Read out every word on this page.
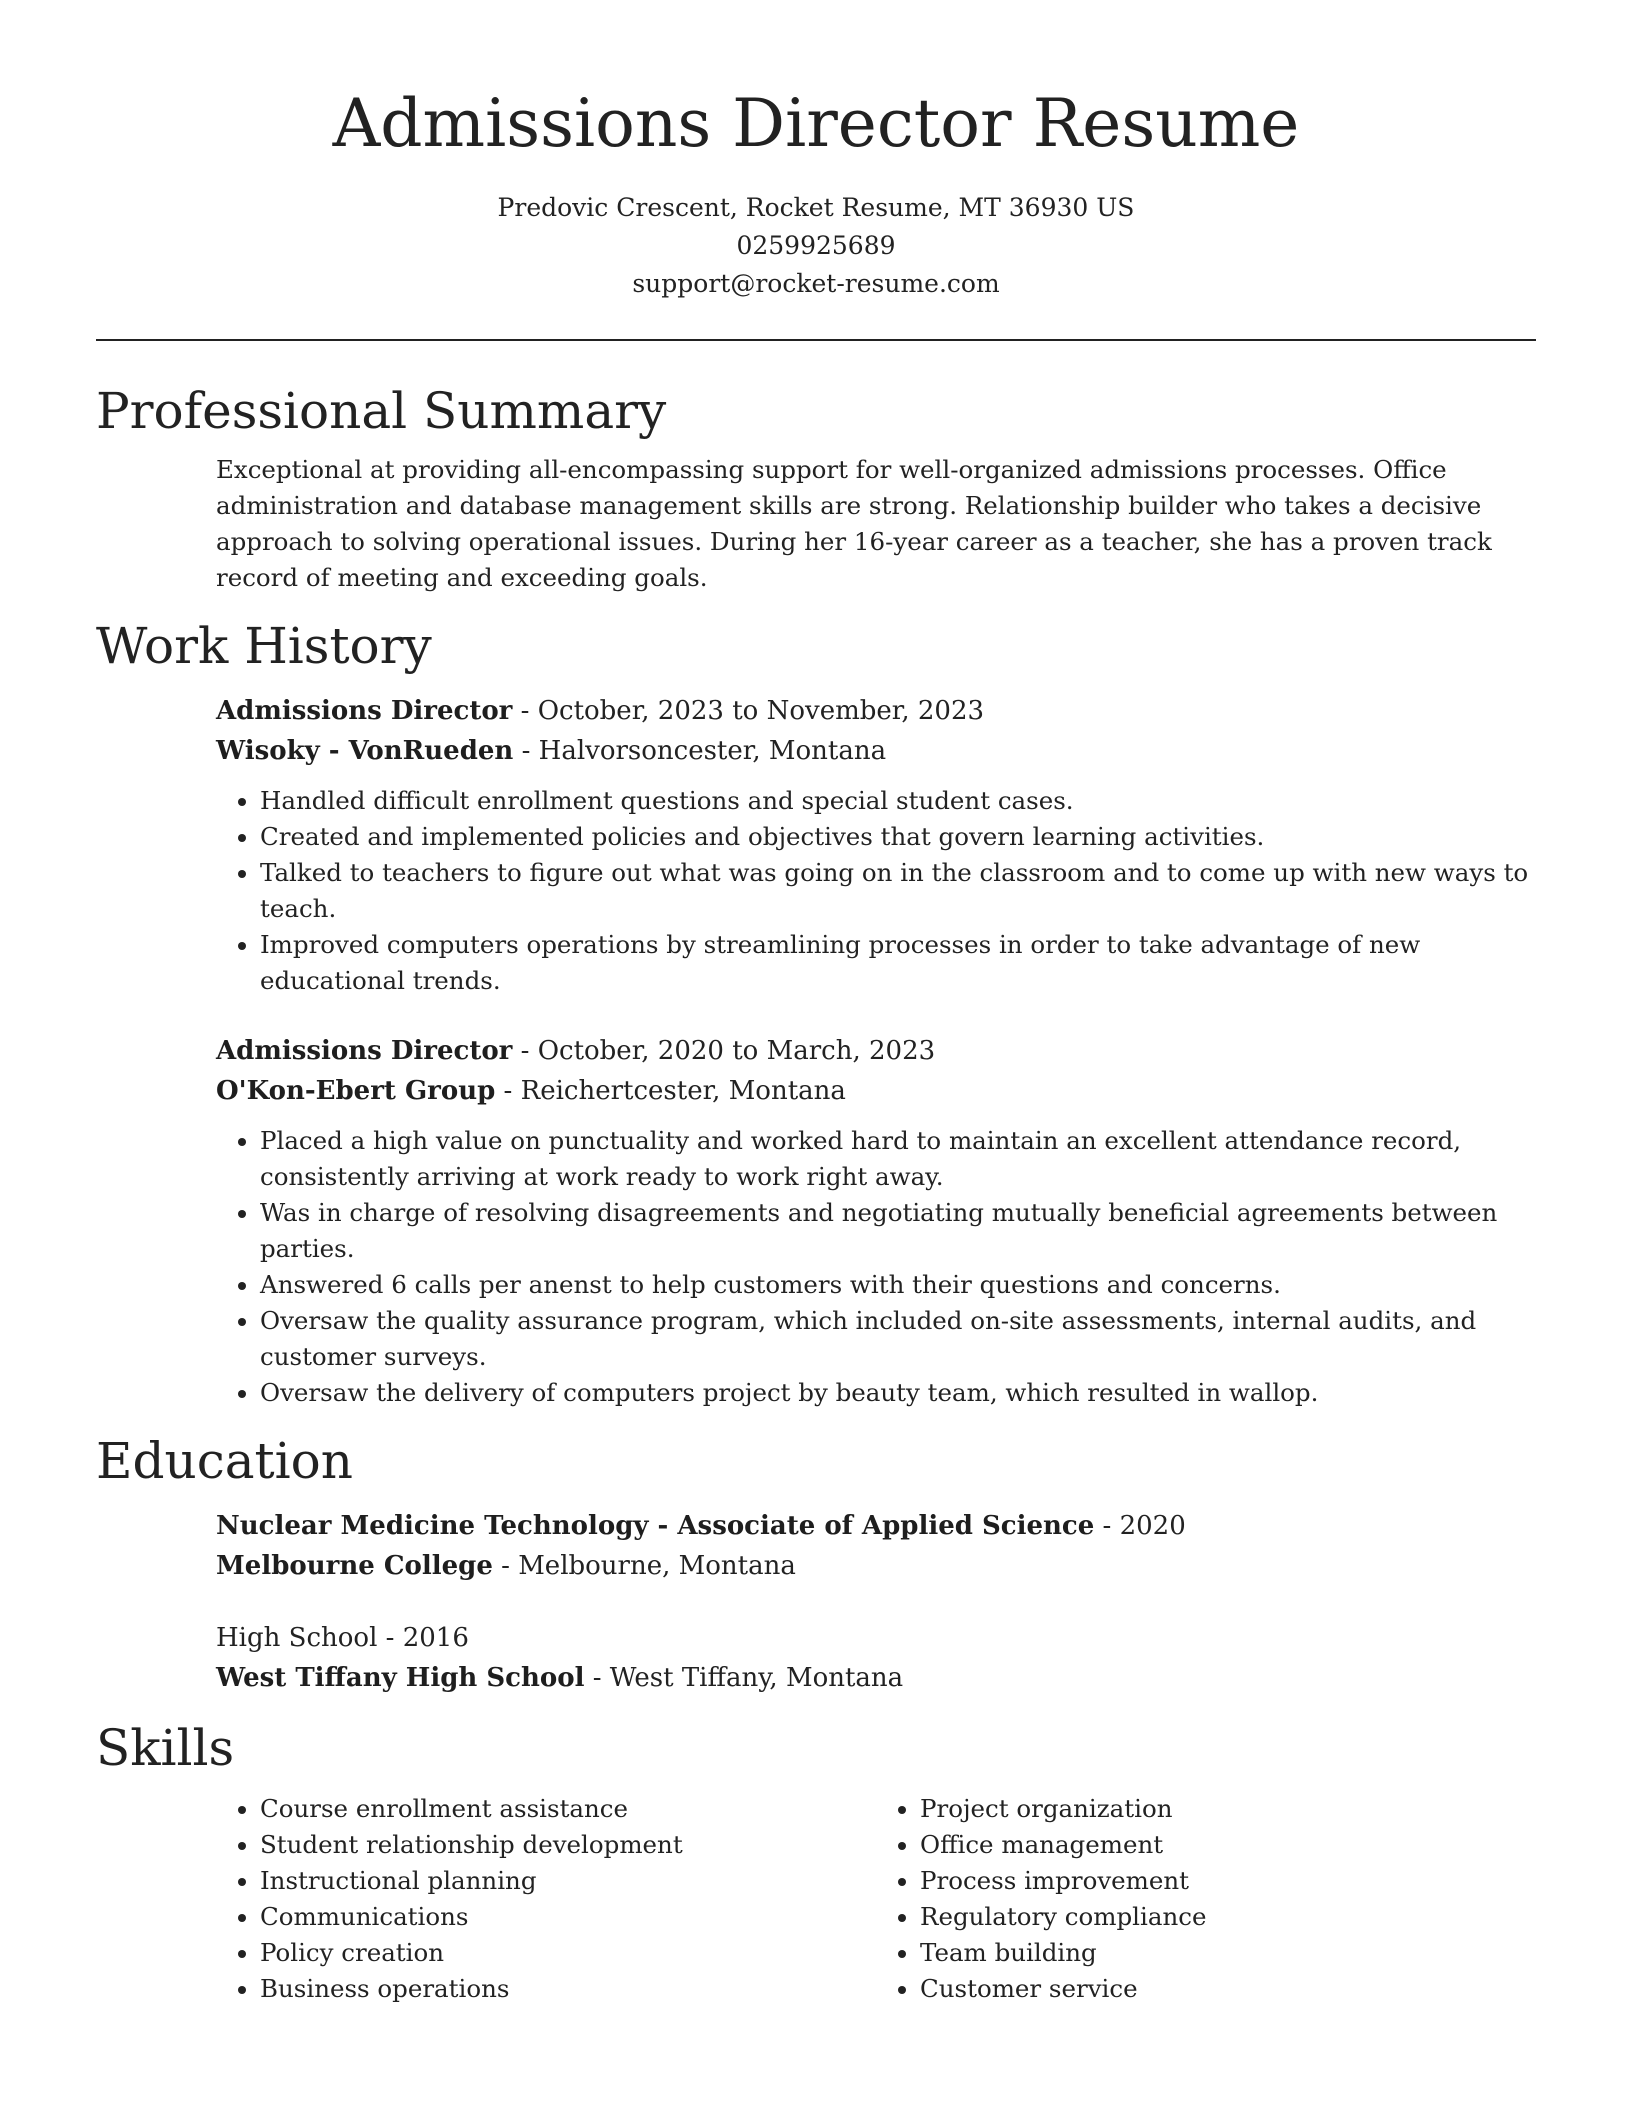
Admissions Director Resume
Predovic Crescent, Rocket Resume, MT 36930 US
0259925689
support@rocket-resume.com
Professional Summary
Exceptional at providing all-encompassing support for well-organized admissions processes. Office administration and database management skills are strong. Relationship builder who takes a decisive approach to solving operational issues. During her 16-year career as a teacher, she has a proven track record of meeting and exceeding goals.
Work History
Admissions Director - October, 2023 to November, 2023
Wisoky - VonRueden - Halvorsoncester, Montana
• Handled difficult enrollment questions and special student cases.
• Created and implemented policies and objectives that govern learning activities.
• Talked to teachers to figure out what was going on in the classroom and to come up with new ways to teach.
• Improved computers operations by streamlining processes in order to take advantage of new educational trends.
Admissions Director - October, 2020 to March, 2023
O'Kon-Ebert Group - Reichertcester, Montana
• Placed a high value on punctuality and worked hard to maintain an excellent attendance record, consistently arriving at work ready to work right away.
• Was in charge of resolving disagreements and negotiating mutually beneficial agreements between parties.
• Answered 6 calls per anenst to help customers with their questions and concerns.
• Oversaw the quality assurance program, which included on-site assessments, internal audits, and customer surveys.
• Oversaw the delivery of computers project by beauty team, which resulted in wallop.
Education
Nuclear Medicine Technology - Associate of Applied Science - 2020
Melbourne College - Melbourne, Montana
High School - 2016
West Tiffany High School - West Tiffany, Montana
Skills
• Course enrollment assistance
• Student relationship development
• Instructional planning
• Communications
• Policy creation
• Business operations
• Project organization
• Office management
• Process improvement
• Regulatory compliance
• Team building
• Customer service
